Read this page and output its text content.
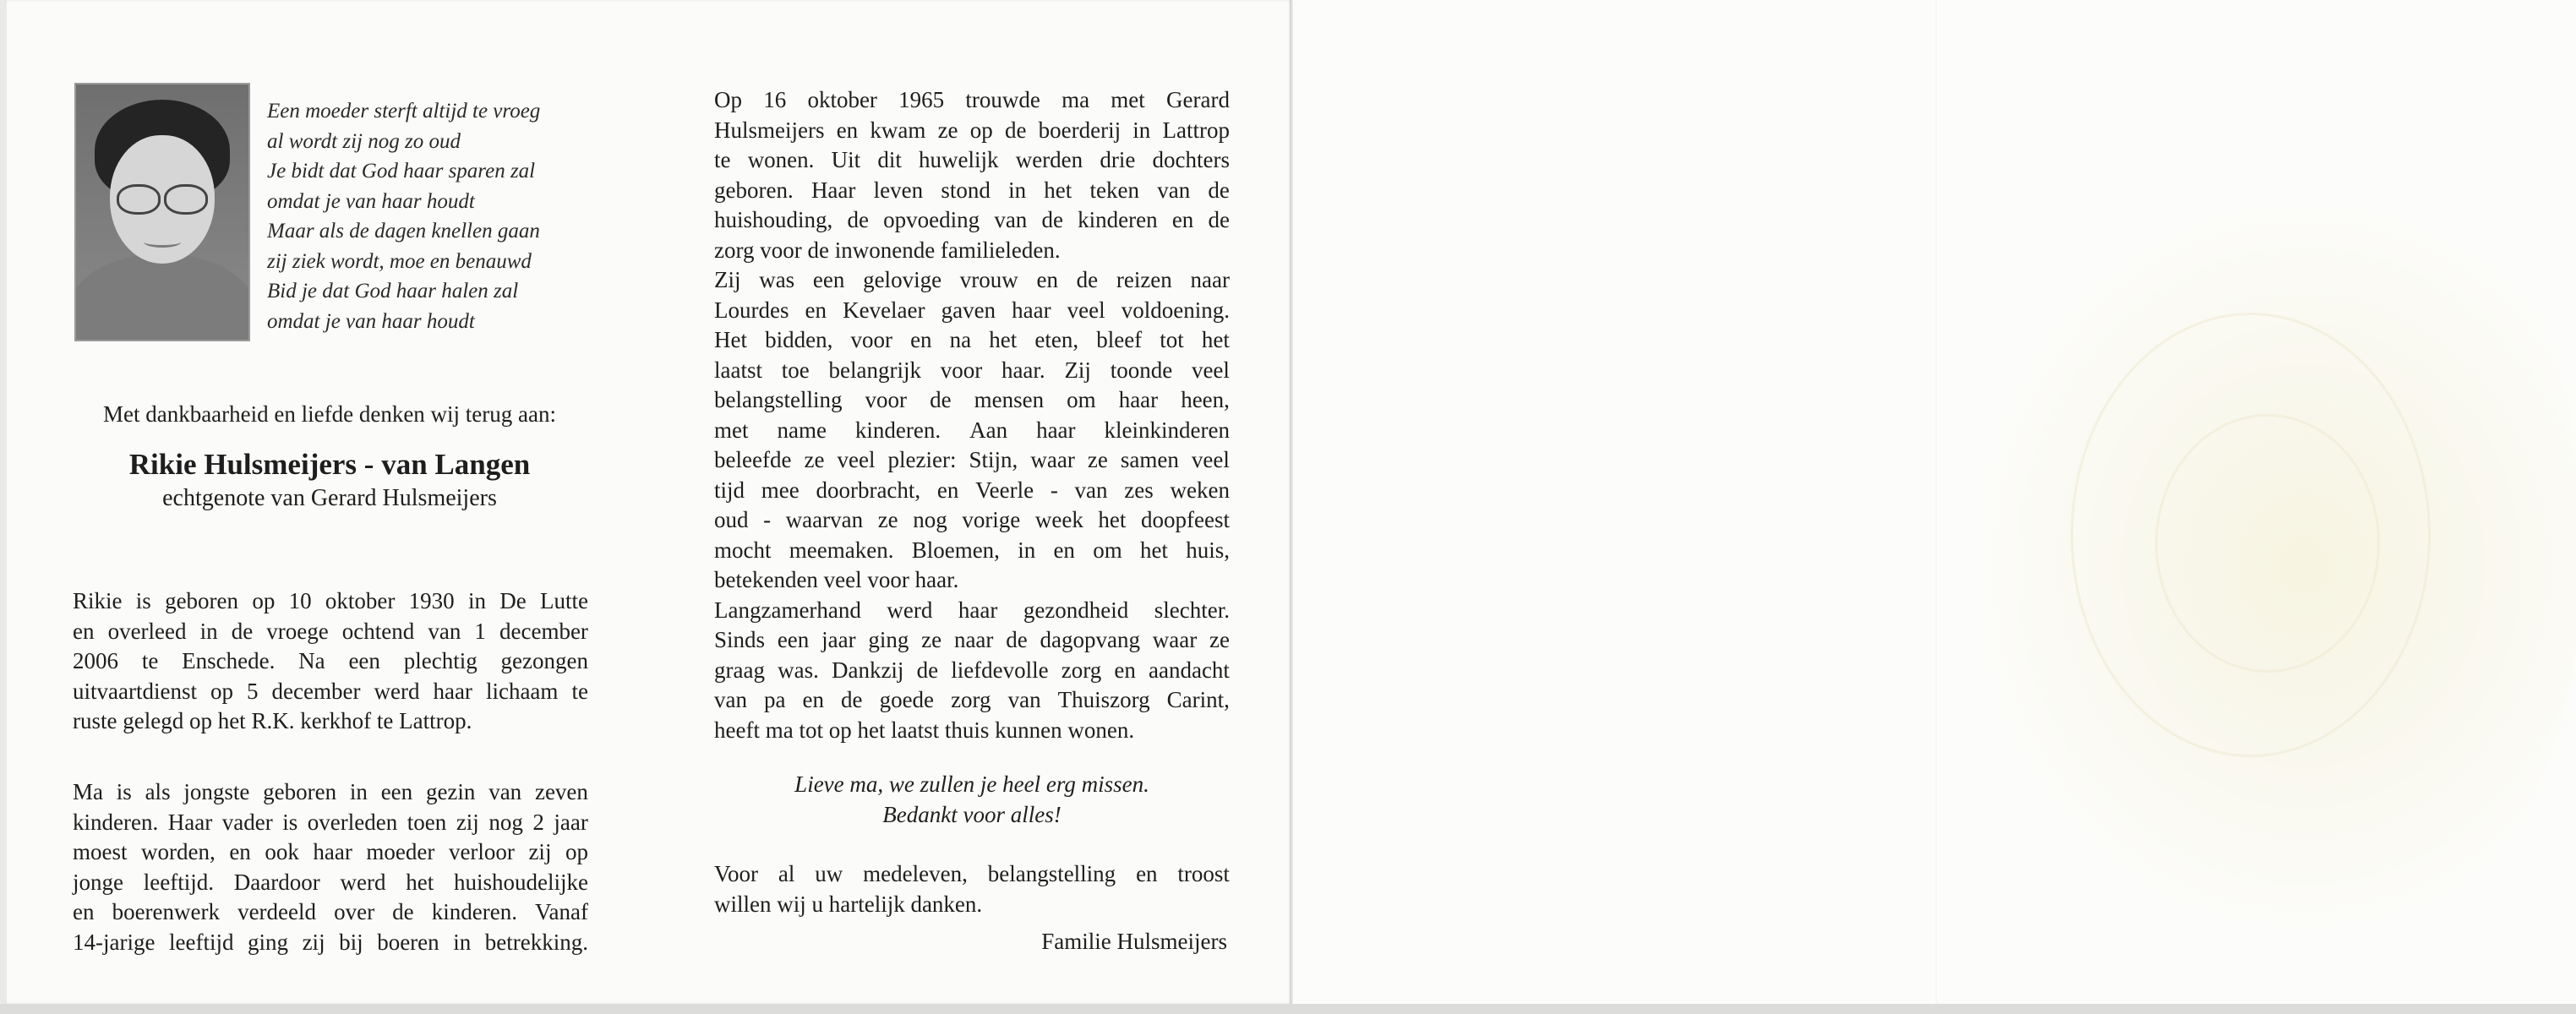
Een moeder sterft altijd te vroeg
al wordt zij nog zo oud
Je bidt dat God haar sparen zal
omdat je van haar houdt
Maar als de dagen knellen gaan
zij ziek wordt, moe en benauwd
Bid je dat God haar halen zal
omdat je van haar houdt
Met dankbaarheid en liefde denken wij terug aan:
Rikie Hulsmeijers - van Langen
echtgenote van Gerard Hulsmeijers
Rikie is geboren op 10 oktober 1930 in De Lutte
en overleed in de vroege ochtend van 1 december
2006 te Enschede. Na een plechtig gezongen
uitvaartdienst op 5 december werd haar lichaam te
ruste gelegd op het R.K. kerkhof te Lattrop.
Ma is als jongste geboren in een gezin van zeven
kinderen. Haar vader is overleden toen zij nog 2 jaar
moest worden, en ook haar moeder verloor zij op
jonge leeftijd. Daardoor werd het huishoudelijke
en boerenwerk verdeeld over de kinderen. Vanaf
14-jarige leeftijd ging zij bij boeren in betrekking.
Op 16 oktober 1965 trouwde ma met Gerard
Hulsmeijers en kwam ze op de boerderij in Lattrop
te wonen. Uit dit huwelijk werden drie dochters
geboren. Haar leven stond in het teken van de
huishouding, de opvoeding van de kinderen en de
zorg voor de inwonende familieleden.
Zij was een gelovige vrouw en de reizen naar
Lourdes en Kevelaer gaven haar veel voldoening.
Het bidden, voor en na het eten, bleef tot het
laatst toe belangrijk voor haar. Zij toonde veel
belangstelling voor de mensen om haar heen,
met name kinderen. Aan haar kleinkinderen
beleefde ze veel plezier: Stijn, waar ze samen veel
tijd mee doorbracht, en Veerle - van zes weken
oud - waarvan ze nog vorige week het doopfeest
mocht meemaken. Bloemen, in en om het huis,
betekenden veel voor haar.
Langzamerhand werd haar gezondheid slechter.
Sinds een jaar ging ze naar de dagopvang waar ze
graag was. Dankzij de liefdevolle zorg en aandacht
van pa en de goede zorg van Thuiszorg Carint,
heeft ma tot op het laatst thuis kunnen wonen.
Lieve ma, we zullen je heel erg missen.
Bedankt voor alles!
Voor al uw medeleven, belangstelling en troost
willen wij u hartelijk danken.
Familie Hulsmeijers
